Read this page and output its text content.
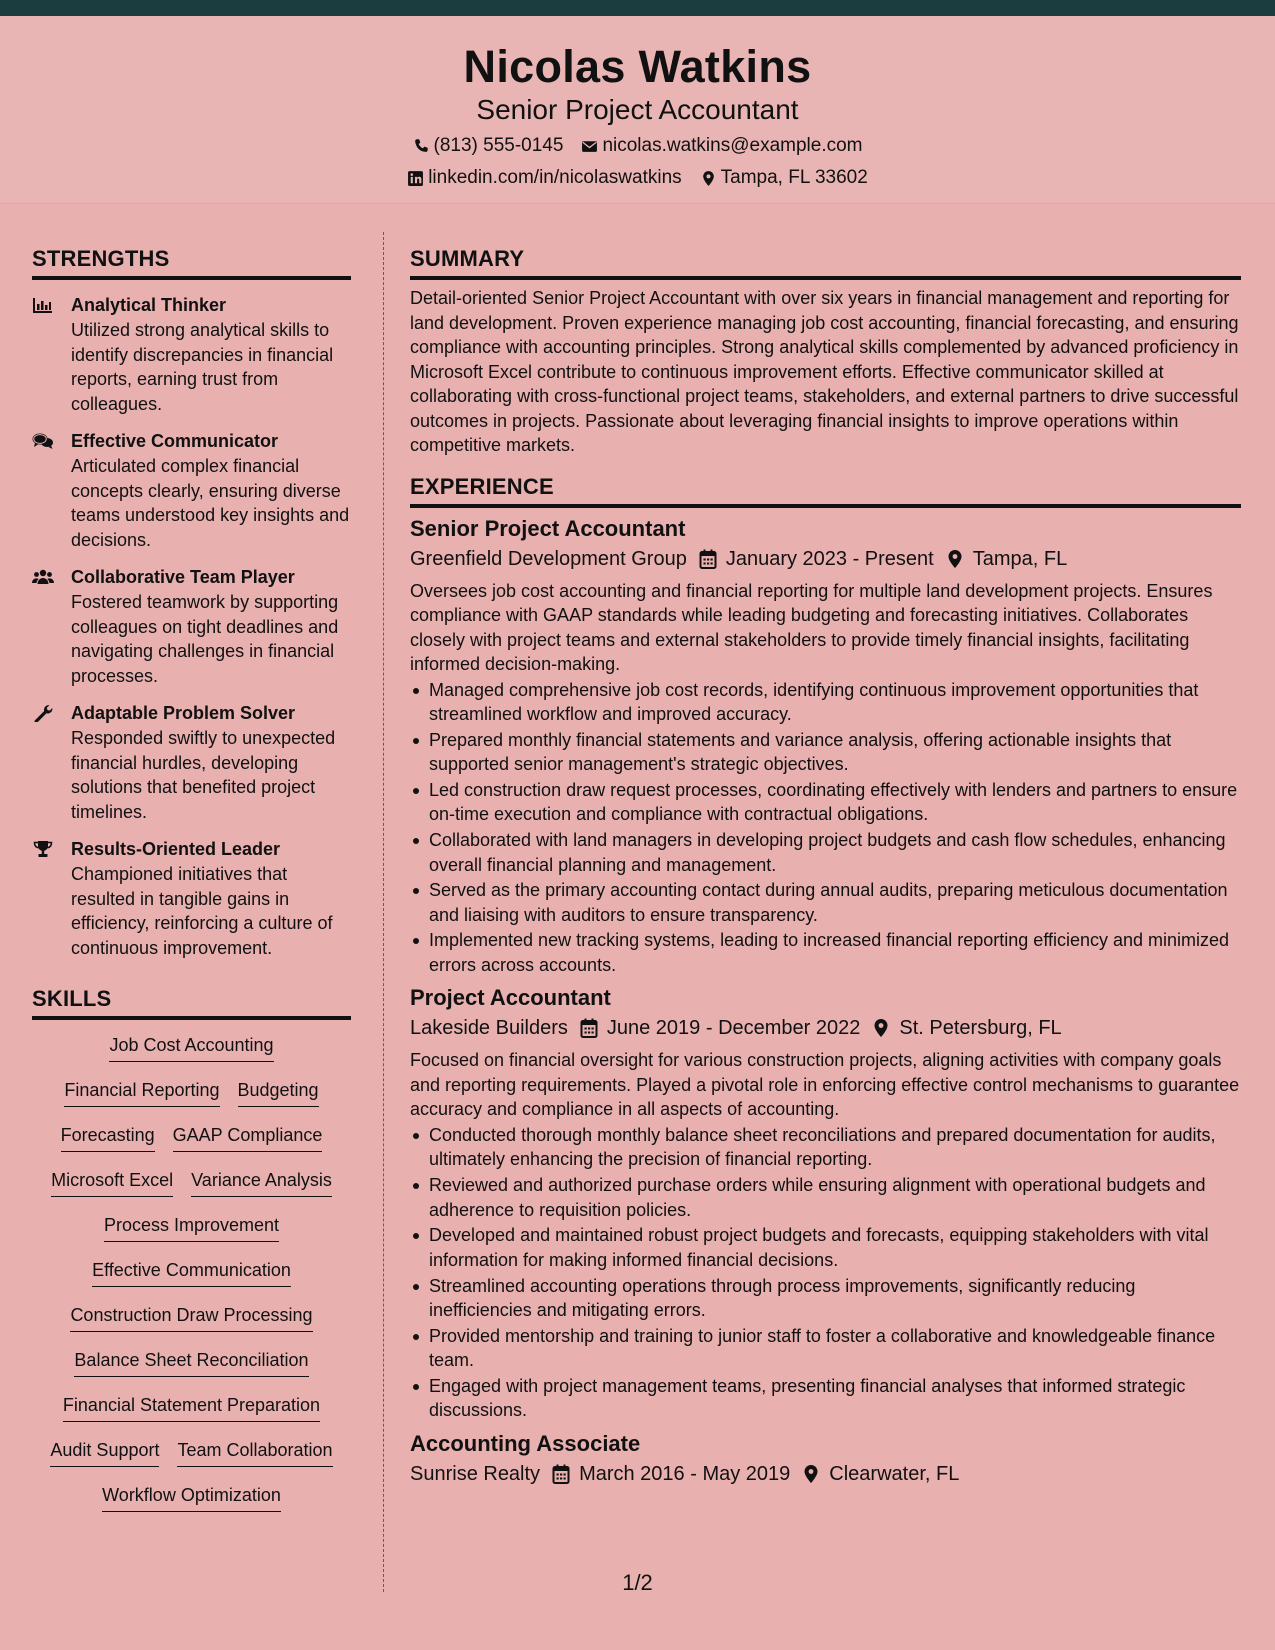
Nicolas Watkins
Senior Project Accountant
(813) 555-0145 nicolas.watkins@example.com
linkedin.com/in/nicolaswatkins Tampa, FL 33602
STRENGTHS
Analytical Thinker
Utilized strong analytical skills to identify discrepancies in financial reports, earning trust from colleagues.
Effective Communicator
Articulated complex financial concepts clearly, ensuring diverse teams understood key insights and decisions.
Collaborative Team Player
Fostered teamwork by supporting colleagues on tight deadlines and navigating challenges in financial processes.
Adaptable Problem Solver
Responded swiftly to unexpected financial hurdles, developing solutions that benefited project timelines.
Results-Oriented Leader
Championed initiatives that resulted in tangible gains in efficiency, reinforcing a culture of continuous improvement.
SKILLS
Job Cost Accounting
Financial Reporting Budgeting
Forecasting GAAP Compliance
Microsoft Excel Variance Analysis
Process Improvement
Effective Communication
Construction Draw Processing
Balance Sheet Reconciliation
Financial Statement Preparation
Audit Support Team Collaboration
Workflow Optimization
SUMMARY

Detail-oriented Senior Project Accountant with over six years in financial management and reporting for land development. Proven experience managing job cost accounting, financial forecasting, and ensuring compliance with accounting principles. Strong analytical skills complemented by advanced proficiency in Microsoft Excel contribute to continuous improvement efforts. Effective communicator skilled at collaborating with cross-functional project teams, stakeholders, and external partners to drive successful outcomes in projects. Passionate about leveraging financial insights to improve operations within competitive markets.

EXPERIENCE
Senior Project Accountant
Greenfield Development Group January 2023 - Present Tampa, FL

Oversees job cost accounting and financial reporting for multiple land development projects. Ensures compliance with GAAP standards while leading budgeting and forecasting initiatives. Collaborates closely with project teams and external stakeholders to provide timely financial insights, facilitating informed decision-making.

Managed comprehensive job cost records, identifying continuous improvement opportunities that streamlined workflow and improved accuracy.
Prepared monthly financial statements and variance analysis, offering actionable insights that supported senior management's strategic objectives.
Led construction draw request processes, coordinating effectively with lenders and partners to ensure on-time execution and compliance with contractual obligations.
Collaborated with land managers in developing project budgets and cash flow schedules, enhancing overall financial planning and management.
Served as the primary accounting contact during annual audits, preparing meticulous documentation and liaising with auditors to ensure transparency.
Implemented new tracking systems, leading to increased financial reporting efficiency and minimized errors across accounts.
Project Accountant
Lakeside Builders June 2019 - December 2022 St. Petersburg, FL

Focused on financial oversight for various construction projects, aligning activities with company goals and reporting requirements. Played a pivotal role in enforcing effective control mechanisms to guarantee accuracy and compliance in all aspects of accounting.

Conducted thorough monthly balance sheet reconciliations and prepared documentation for audits, ultimately enhancing the precision of financial reporting.
Reviewed and authorized purchase orders while ensuring alignment with operational budgets and adherence to requisition policies.
Developed and maintained robust project budgets and forecasts, equipping stakeholders with vital information for making informed financial decisions.
Streamlined accounting operations through process improvements, significantly reducing inefficiencies and mitigating errors.
Provided mentorship and training to junior staff to foster a collaborative and knowledgeable finance team.
Engaged with project management teams, presenting financial analyses that informed strategic discussions.
Accounting Associate
Sunrise Realty March 2016 - May 2019 Clearwater, FL
1/2
